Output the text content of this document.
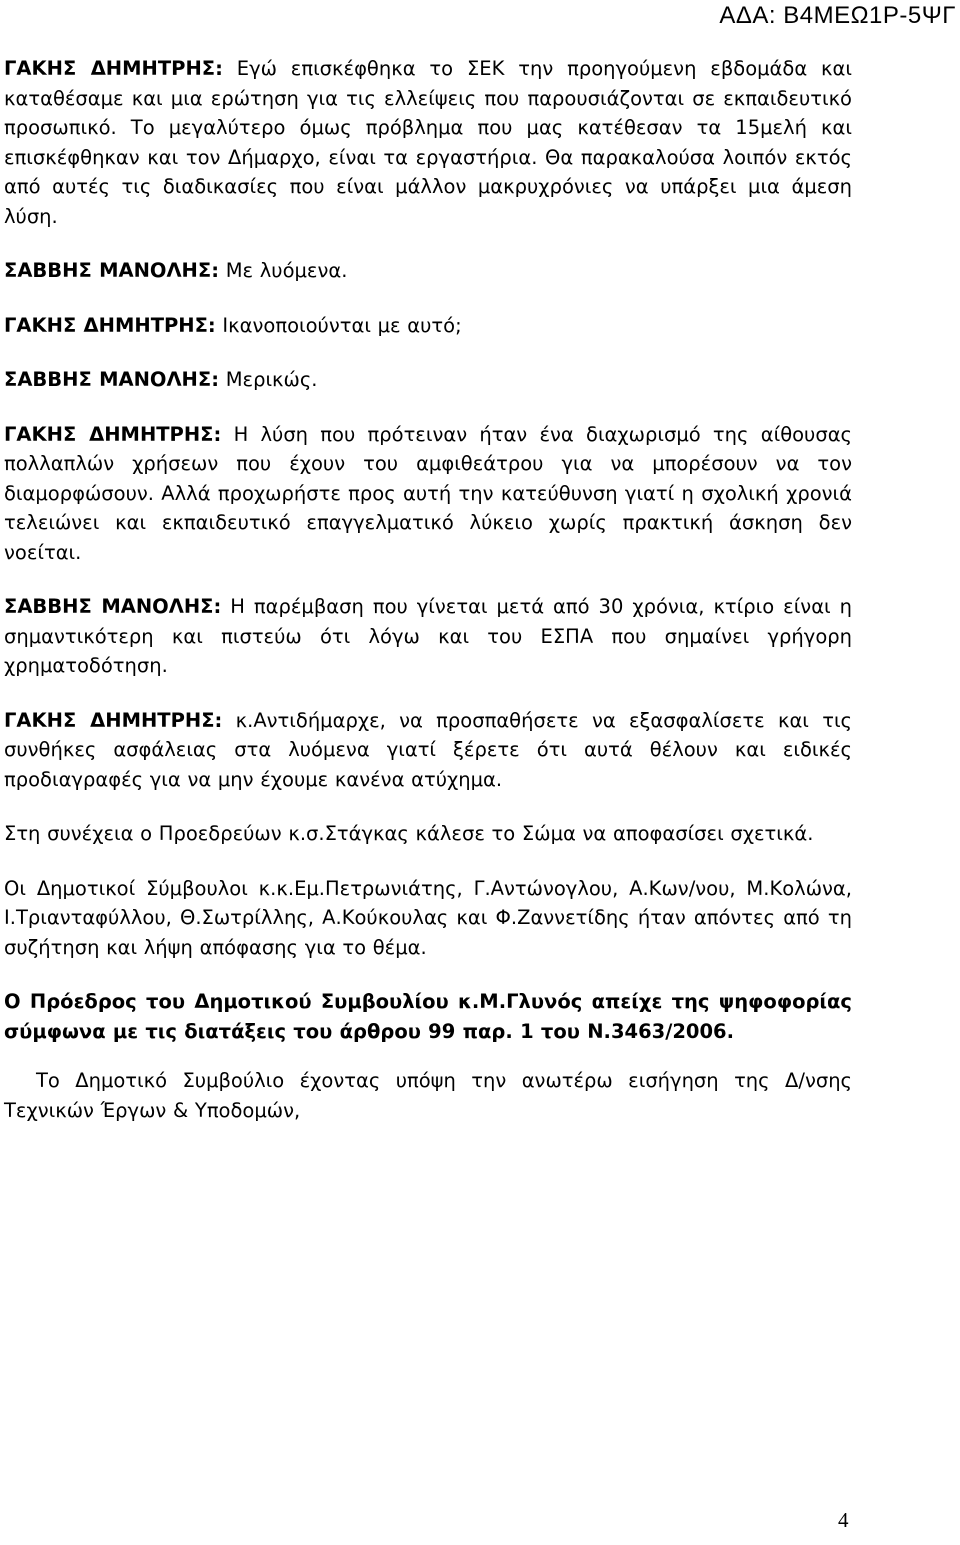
ΑΔΑ: Β4ΜΕΩ1Ρ-5ΨΓ

ΓΑΚΗΣ ΔΗΜΗΤΡΗΣ: Εγώ επισκέφθηκα το ΣΕΚ την προηγούμενη εβδομάδα και καταθέσαμε και μια ερώτηση για τις ελλείψεις που παρουσιάζονται σε εκπαιδευτικό προσωπικό. Το μεγαλύτερο όμως πρόβλημα που μας κατέθεσαν τα 15μελή και επισκέφθηκαν και τον Δήμαρχο, είναι τα εργαστήρια. Θα παρακαλούσα λοιπόν εκτός από αυτές τις διαδικασίες που είναι μάλλον μακρυχρόνιες να υπάρξει μια άμεση λύση.

ΣΑΒΒΗΣ ΜΑΝΟΛΗΣ: Με λυόμενα.

ΓΑΚΗΣ ΔΗΜΗΤΡΗΣ: Ικανοποιούνται με αυτό;

ΣΑΒΒΗΣ ΜΑΝΟΛΗΣ: Μερικώς.

ΓΑΚΗΣ ΔΗΜΗΤΡΗΣ: Η λύση που πρότειναν ήταν ένα διαχωρισμό της αίθουσας πολλαπλών χρήσεων που έχουν του αμφιθεάτρου για να μπορέσουν να τον διαμορφώσουν. Αλλά προχωρήστε προς αυτή την κατεύθυνση γιατί η σχολική χρονιά τελειώνει και εκπαιδευτικό επαγγελματικό λύκειο χωρίς πρακτική άσκηση δεν νοείται.

ΣΑΒΒΗΣ ΜΑΝΟΛΗΣ: Η παρέμβαση που γίνεται μετά από 30 χρόνια, κτίριο είναι η σημαντικότερη και πιστεύω ότι λόγω και του ΕΣΠΑ που σημαίνει γρήγορη χρηματοδότηση.

ΓΑΚΗΣ ΔΗΜΗΤΡΗΣ: κ.Αντιδήμαρχε, να προσπαθήσετε να εξασφαλίσετε και τις συνθήκες ασφάλειας στα λυόμενα γιατί ξέρετε ότι αυτά θέλουν και ειδικές προδιαγραφές για να μην έχουμε κανένα ατύχημα.

Στη συνέχεια ο Προεδρεύων κ.σ.Στάγκας κάλεσε το Σώμα να αποφασίσει σχετικά.

Οι Δημοτικοί Σύμβουλοι κ.κ.Εμ.Πετρωνιάτης, Γ.Αντώνογλου, Α.Κων/νου, Μ.Κολώνα, Ι.Τριανταφύλλου, Θ.Σωτρίλλης, Α.Κούκουλας και Φ.Ζαννετίδης ήταν απόντες από τη συζήτηση και λήψη απόφασης για το θέμα.

Ο Πρόεδρος του Δημοτικού Συμβουλίου κ.Μ.Γλυνός απείχε της ψηφοφορίας σύμφωνα με τις διατάξεις του άρθρου 99 παρ. 1 του Ν.3463/2006.

Το Δημοτικό Συμβούλιο έχοντας υπόψη την ανωτέρω εισήγηση της Δ/νσης Τεχνικών Έργων & Υποδομών,

4
